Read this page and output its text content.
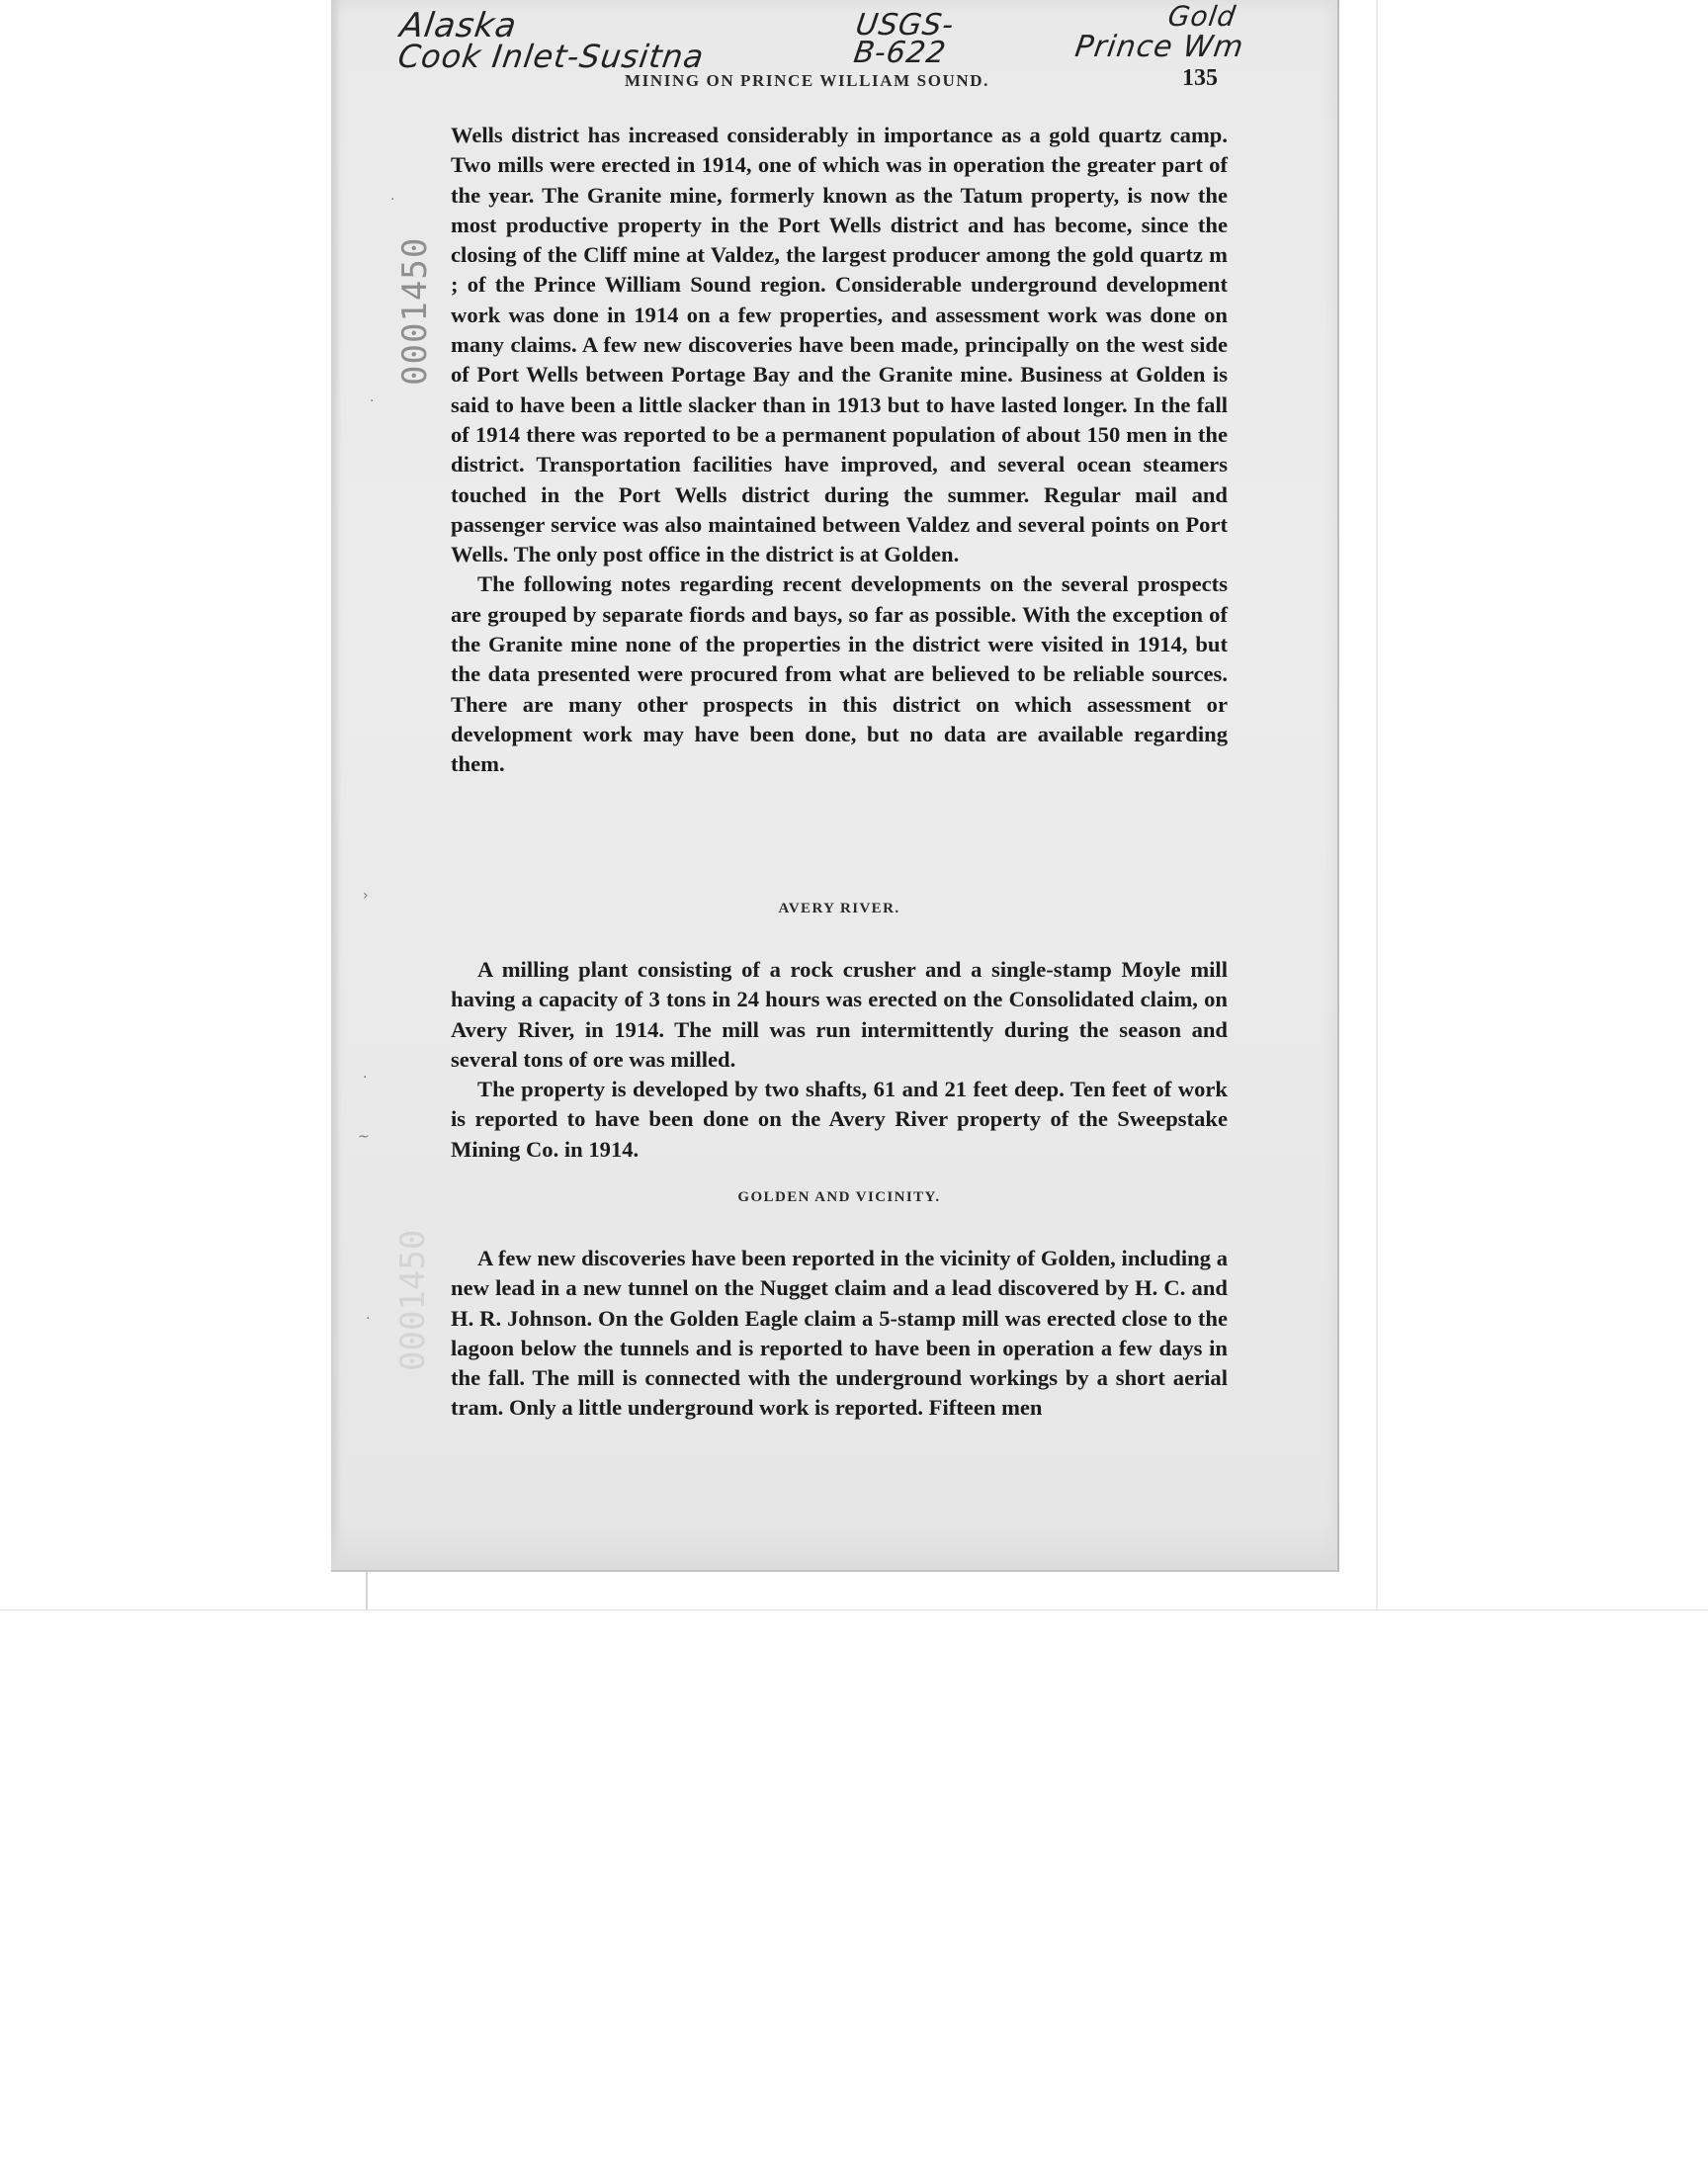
Alaska
Cook Inlet-Susitna
USGS-
B-622
Gold
Prince Wm
MINING ON PRINCE WILLIAM SOUND.	135
0001450
0001450
·
·
›
·
~
·

Wells district has increased considerably in importance as a gold quartz camp. Two mills were erected in 1914, one of which was in operation the greater part of the year. The Granite mine, formerly known as the Tatum property, is now the most productive property in the Port Wells district and has become, since the closing of the Cliff mine at Valdez, the largest producer among the gold quartz m ; of the Prince William Sound region. Considerable underground development work was done in 1914 on a few properties, and assessment work was done on many claims. A few new discoveries have been made, principally on the west side of Port Wells between Portage Bay and the Granite mine. Business at Golden is said to have been a little slacker than in 1913 but to have lasted longer. In the fall of 1914 there was reported to be a permanent population of about 150 men in the district. Transportation facilities have improved, and several ocean steamers touched in the Port Wells district during the summer. Regular mail and passenger service was also maintained between Valdez and several points on Port Wells. The only post office in the district is at Golden.

The following notes regarding recent developments on the several prospects are grouped by separate fiords and bays, so far as possible. With the exception of the Granite mine none of the properties in the district were visited in 1914, but the data presented were procured from what are believed to be reliable sources. There are many other prospects in this district on which assessment or development work may have been done, but no data are available regarding them.

AVERY RIVER.

A milling plant consisting of a rock crusher and a single-stamp Moyle mill having a capacity of 3 tons in 24 hours was erected on the Consolidated claim, on Avery River, in 1914. The mill was run intermittently during the season and several tons of ore was milled.

The property is developed by two shafts, 61 and 21 feet deep. Ten feet of work is reported to have been done on the Avery River property of the Sweepstake Mining Co. in 1914.

GOLDEN AND VICINITY.

A few new discoveries have been reported in the vicinity of Golden, including a new lead in a new tunnel on the Nugget claim and a lead discovered by H. C. and H. R. Johnson. On the Golden Eagle claim a 5-stamp mill was erected close to the lagoon below the tunnels and is reported to have been in operation a few days in the fall. The mill is connected with the underground workings by a short aerial tram. Only a little underground work is reported. Fifteen men
